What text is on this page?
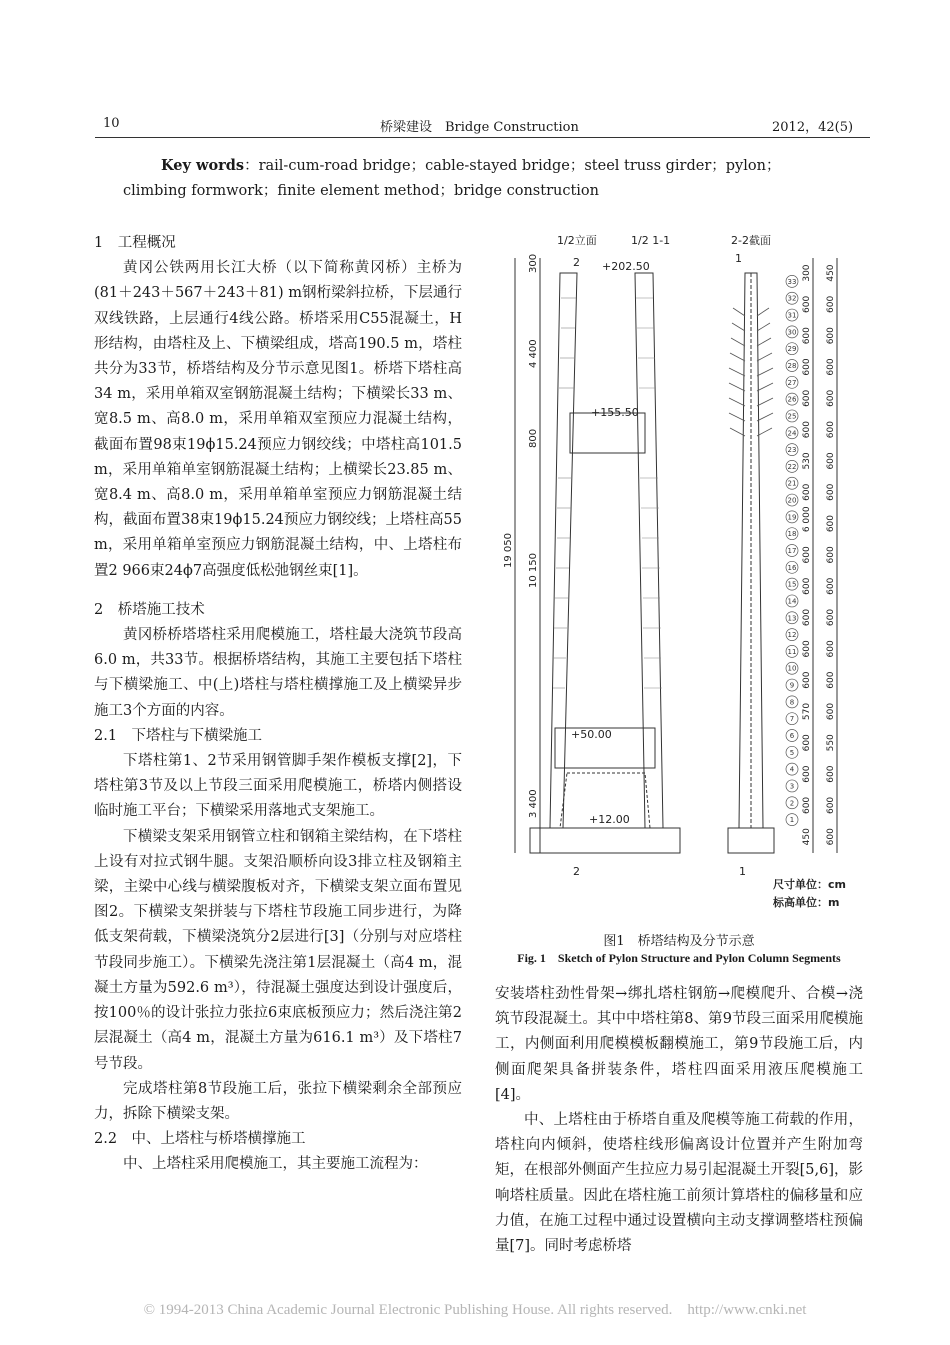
10	桥梁建设　Bridge Construction	2012，42(5)
Key words：rail-cum-road bridge；cable-stayed bridge；steel truss girder；pylon；climbing formwork；finite element method；bridge construction

1　工程概况

黄冈公铁两用长江大桥（以下简称黄冈桥）主桥为(81＋243＋567＋243＋81) m钢桁梁斜拉桥，下层通行双线铁路，上层通行4线公路。桥塔采用C55混凝土，H形结构，由塔柱及上、下横梁组成，塔高190.5 m，塔柱共分为33节，桥塔结构及分节示意见图1。桥塔下塔柱高34 m，采用单箱双室钢筋混凝土结构；下横梁长33 m、宽8.5 m、高8.0 m，采用单箱双室预应力混凝土结构，截面布置98束19ϕ15.24预应力钢绞线；中塔柱高101.5 m，采用单箱单室钢筋混凝土结构；上横梁长23.85 m、宽8.4 m、高8.0 m，采用单箱单室预应力钢筋混凝土结构，截面布置38束19ϕ15.24预应力钢绞线；上塔柱高55 m，采用单箱单室预应力钢筋混凝土结构，中、上塔柱布置2 966束24ϕ7高强度低松弛钢丝束[1]。

2　桥塔施工技术

黄冈桥桥塔塔柱采用爬模施工，塔柱最大浇筑节段高6.0 m，共33节。根据桥塔结构，其施工主要包括下塔柱与下横梁施工、中(上)塔柱与塔柱横撑施工及上横梁异步施工3个方面的内容。

2.1　下塔柱与下横梁施工

下塔柱第1、2节采用钢管脚手架作模板支撑[2]，下塔柱第3节及以上节段三面采用爬模施工，桥塔内侧搭设临时施工平台；下横梁采用落地式支架施工。

下横梁支架采用钢管立柱和钢箱主梁结构，在下塔柱上设有对拉式钢牛腿。支架沿顺桥向设3排立柱及钢箱主梁，主梁中心线与横梁腹板对齐，下横梁支架立面布置见图2。下横梁支架拼装与下塔柱节段施工同步进行，为降低支架荷载，下横梁浇筑分2层进行[3]（分别与对应塔柱节段同步施工）。下横梁先浇注第1层混凝土（高4 m，混凝土方量为592.6 m³），待混凝土强度达到设计强度后，按100％的设计张拉力张拉6束底板预应力；然后浇注第2层混凝土（高4 m，混凝土方量为616.1 m³）及下塔柱7号节段。

完成塔柱第8节段施工后，张拉下横梁剩余全部预应力，拆除下横梁支架。

2.2　中、上塔柱与桥塔横撑施工

中、上塔柱采用爬模施工，其主要施工流程为：

1/2立面	1/2 1-1	2-2截面
2
2
1
1
+202.50
+155.50
+50.00
+12.00
19 050
10 150
300
4 400
800
3 400
300
600
600
600
600
600
530
600
6 000
600
600
600
600
600
570
600
600
600
450
450
600
600
600
600
600
600
600
600
600
600
600
600
600
600
550
600
600
600
33
32
31
30
29
28
27
26
25
24
23
22
21
20
19
18
17
16
15
14
13
12
11
10
9
8
7
6
5
4
3
2
1
尺寸单位：cm
标高单位：m
图1　桥塔结构及分节示意
Fig. 1　Sketch of Pylon Structure and Pylon Column Segments

安装塔柱劲性骨架→绑扎塔柱钢筋→爬模爬升、合模→浇筑节段混凝土。其中中塔柱第8、第9节段三面采用爬模施工，内侧面利用爬模模板翻模施工，第9节段施工后，内侧面爬架具备拼装条件，塔柱四面采用液压爬模施工[4]。

中、上塔柱由于桥塔自重及爬模等施工荷载的作用，塔柱向内倾斜，使塔柱线形偏离设计位置并产生附加弯矩，在根部外侧面产生拉应力易引起混凝土开裂[5,6]，影响塔柱质量。因此在塔柱施工前须计算塔柱的偏移量和应力值，在施工过程中通过设置横向主动支撑调整塔柱预偏量[7]。同时考虑桥塔

© 1994-2013 China Academic Journal Electronic Publishing House. All rights reserved.　http://www.cnki.net
